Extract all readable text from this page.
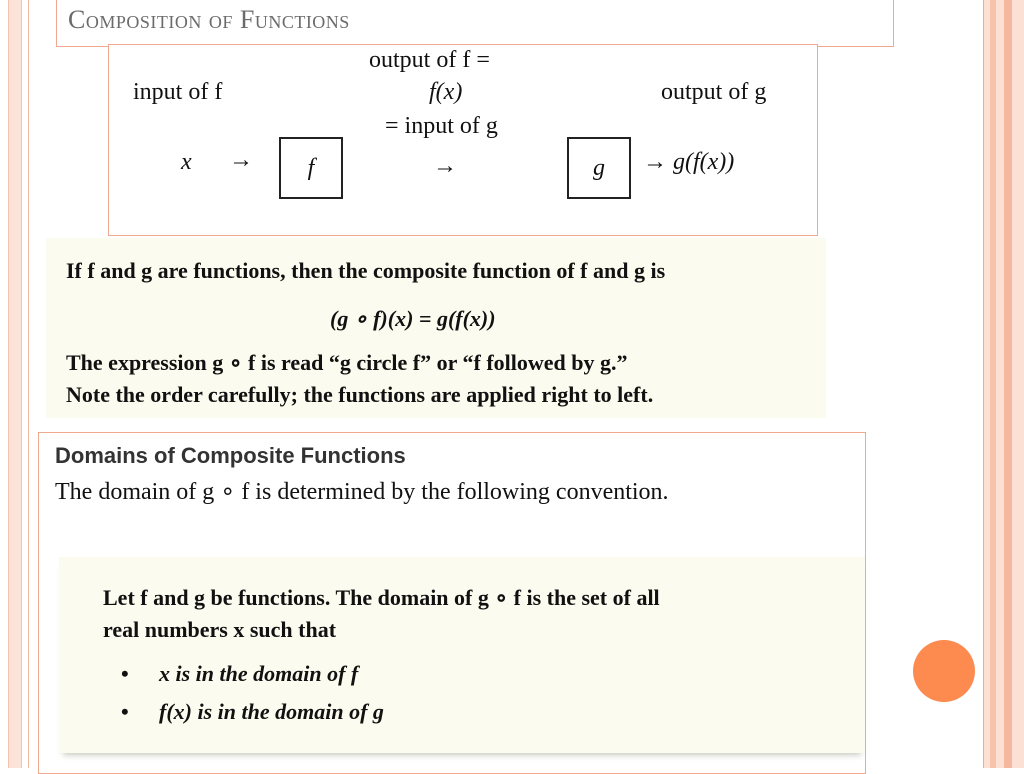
Composition of Functions
input of f
output of f =
f(x)
= input of g
output of g
x →	f	→	g	→ g(f(x))
If f and g are functions, then the composite function of f and g is
(g ∘ f)(x) = g(f(x))
The expression g ∘ f is read “g circle f” or “f followed by g.”
Note the order carefully; the functions are applied right to left.
Domains of Composite Functions
The domain of g ∘ f is determined by the following convention.
Let f and g be functions. The domain of g ∘ f is the set of all
real numbers x such that
• x is in the domain of f
• f(x) is in the domain of g
